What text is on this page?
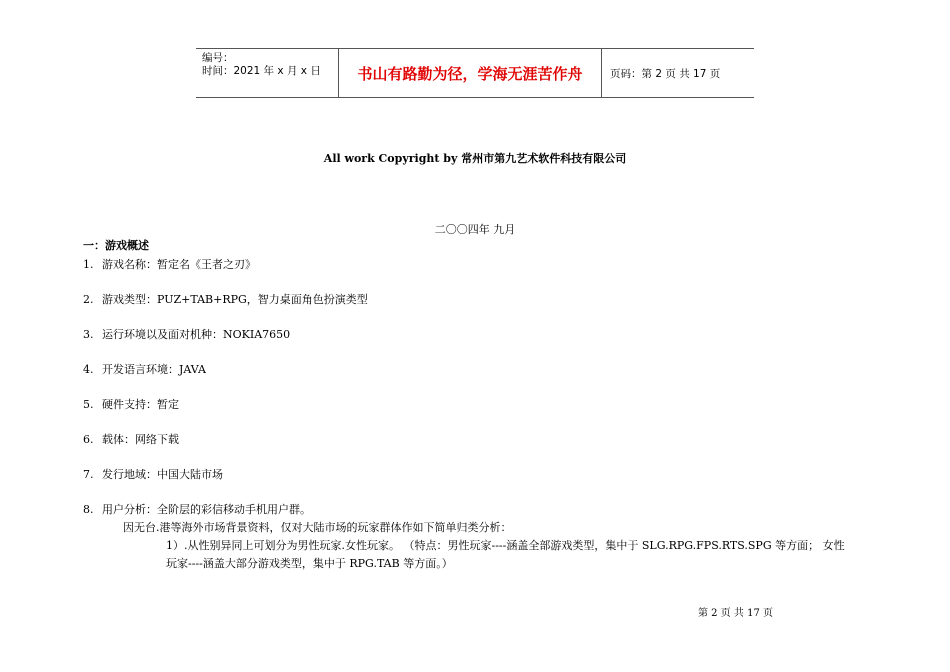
编号：
时间：2021 年 x 月 x 日	书山有路勤为径，学海无涯苦作舟	页码：第 2 页 共 17 页
All work Copyright by 常州市第九艺术软件科技有限公司
二〇〇四年 九月
一：游戏概述
1. 游戏名称：暂定名《王者之刃》
2. 游戏类型：PUZ+TAB+RPG，智力桌面角色扮演类型
3. 运行环境以及面对机种：NOKIA7650
4. 开发语言环境：JAVA
5. 硬件支持：暂定
6. 载体：网络下载
7. 发行地域：中国大陆市场
8. 用户分析：全阶层的彩信移动手机用户群。
因无台.港等海外市场背景资料，仅对大陆市场的玩家群体作如下简单归类分析：
1）.从性别异同上可划分为男性玩家.女性玩家。 （特点：男性玩家----涵盖全部游戏类型，集中于 SLG.RPG.FPS.RTS.SPG 等方面； 女性
玩家----涵盖大部分游戏类型，集中于 RPG.TAB 等方面。）
第 2 页 共 17 页
